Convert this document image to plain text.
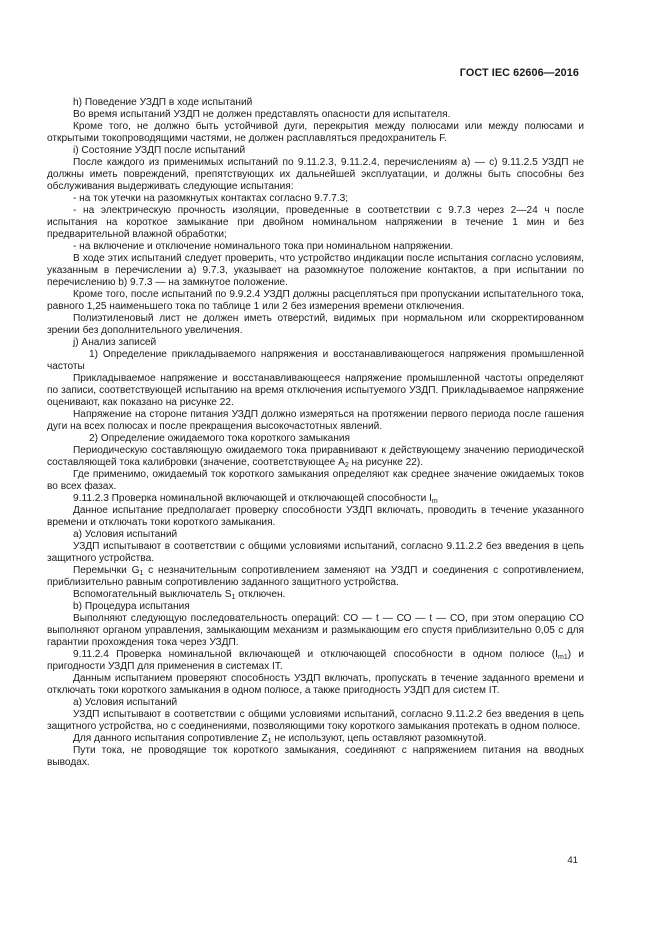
ГОСТ IEC 62606—2016

h) Поведение УЗДП в ходе испытаний

Во время испытаний УЗДП не должен представлять опасности для испытателя.

Кроме того, не должно быть устойчивой дуги, перекрытия между полюсами или между полюсами и открытыми токопроводящими частями, не должен расплавляться предохранитель F.

i) Состояние УЗДП после испытаний

После каждого из применимых испытаний по 9.11.2.3, 9.11.2.4, перечислениям а) — с) 9.11.2.5 УЗДП не должны иметь повреждений, препятствующих их дальнейшей эксплуатации, и должны быть способны без обслуживания выдерживать следующие испытания:

- на ток утечки на разомкнутых контактах согласно 9.7.7.3;

- на электрическую прочность изоляции, проведенные в соответствии с 9.7.3 через 2—24 ч после испытания на короткое замыкание при двойном номинальном напряжении в течение 1 мин и без предварительной влажной обработки;

- на включение и отключение номинального тока при номинальном напряжении.

В ходе этих испытаний следует проверить, что устройство индикации после испытания согласно условиям, указанным в перечислении а) 9.7.3, указывает на разомкнутое положение контактов, а при испытании по перечислению b) 9.7.3 — на замкнутое положение.

Кроме того, после испытаний по 9.9.2.4 УЗДП должны расцепляться при пропускании испытательного тока, равного 1,25 наименьшего тока по таблице 1 или 2 без измерения времени отключения.

Полиэтиленовый лист не должен иметь отверстий, видимых при нормальном или скорректированном зрении без дополнительного увеличения.

j) Анализ записей

1) Определение прикладываемого напряжения и восстанавливающегося напряжения промышленной частоты

Прикладываемое напряжение и восстанавливающееся напряжение промышленной частоты определяют по записи, соответствующей испытанию на время отключения испытуемого УЗДП. Прикладываемое напряжение оценивают, как показано на рисунке 22.

Напряжение на стороне питания УЗДП должно измеряться на протяжении первого периода после гашения дуги на всех полюсах и после прекращения высокочастотных явлений.

2) Определение ожидаемого тока короткого замыкания

Периодическую составляющую ожидаемого тока приравнивают к действующему значению периодической составляющей тока калибровки (значение, соответствующее $A_2$ на рисунке 22).

Где применимо, ожидаемый ток короткого замыкания определяют как среднее значение ожидаемых токов во всех фазах.

9.11.2.3 Проверка номинальной включающей и отключающей способности $I_m$

Данное испытание предполагает проверку способности УЗДП включать, проводить в течение указанного времени и отключать токи короткого замыкания.

а) Условия испытаний

УЗДП испытывают в соответствии с общими условиями испытаний, согласно 9.11.2.2 без введения в цепь защитного устройства.

Перемычки $G_1$ с незначительным сопротивлением заменяют на УЗДП и соединения с сопротивлением, приблизительно равным сопротивлению заданного защитного устройства.

Вспомогательный выключатель $S_1$ отключен.

b) Процедура испытания

Выполняют следующую последовательность операций: СО — t — СО — t — СО, при этом операцию СО выполняют органом управления, замыкающим механизм и размыкающим его спустя приблизительно 0,05 с для гарантии прохождения тока через УЗДП.

9.11.2.4 Проверка номинальной включающей и отключающей способности в одном полюсе $(I_{m1})$ и пригодности УЗДП для применения в системах IT.

Данным испытанием проверяют способность УЗДП включать, пропускать в течение заданного времени и отключать токи короткого замыкания в одном полюсе, а также пригодность УЗДП для систем IT.

а) Условия испытаний

УЗДП испытывают в соответствии с общими условиями испытаний, согласно 9.11.2.2 без введения в цепь защитного устройства, но с соединениями, позволяющими току короткого замыкания протекать в одном полюсе.

Для данного испытания сопротивление $Z_1$ не используют, цепь оставляют разомкнутой.

Пути тока, не проводящие ток короткого замыкания, соединяют с напряжением питания на вводных выводах.

41
